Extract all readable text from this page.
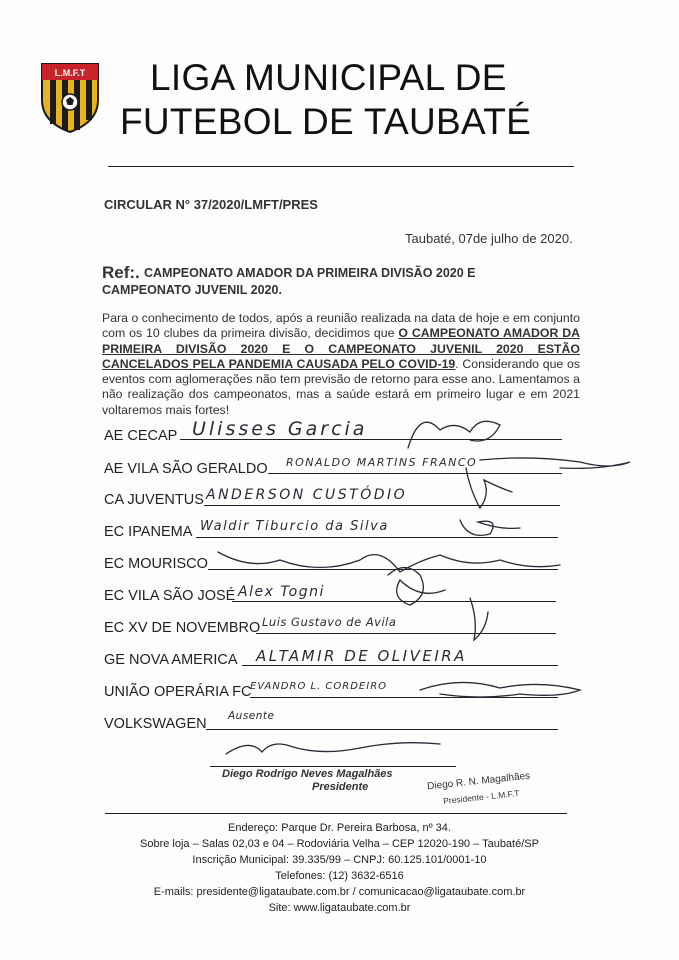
L.M.F.T LIGA MUNICIPAL DE
FUTEBOL DE TAUBATÉ
CIRCULAR N° 37/2020/LMFT/PRES
Taubaté, 07de julho de 2020.
Ref:. CAMPEONATO AMADOR DA PRIMEIRA DIVISÃO 2020 E
CAMPEONATO JUVENIL 2020.
Para o conhecimento de todos, após a reunião realizada na data de hoje e em conjunto com os 10 clubes da primeira divisão, decidimos que O CAMPEONATO AMADOR DA PRIMEIRA DIVISÃO 2020 E O CAMPEONATO JUVENIL 2020 ESTÃO CANCELADOS PELA PANDEMIA CAUSADA PELO COVID-19. Considerando que os eventos com aglomerações não tem previsão de retorno para esse ano. Lamentamos a não realização dos campeonatos, mas a saúde estará em primeiro lugar e em 2021 voltaremos mais fortes!
AE CECAP Ulisses Garcia
AE VILA SÃO GERALDO RONALDO MARTINS FRANCO
CA JUVENTUS ANDERSON CUSTÓDIO
EC IPANEMA Waldir Tiburcio da Silva
EC MOURISCO
EC VILA SÃO JOSÉ Alex Togni
EC XV DE NOVEMBRO Luis Gustavo de Avila
GE NOVA AMERICA ALTAMIR DE OLIVEIRA
UNIÃO OPERÁRIA FC
EVANDRO L. CORDEIRO
VOLKSWAGEN Ausente
Diego Rodrigo Neves Magalhães
Presidente	Diego R. N. Magalhães
Presidente - L.M.F.T
Endereço: Parque Dr. Pereira Barbosa, nº 34.
Sobre loja – Salas 02,03 e 04 – Rodoviária Velha – CEP 12020-190 – Taubaté/SP
Inscrição Municipal: 39.335/99 – CNPJ: 60.125.101/0001-10
Telefones: (12) 3632-6516
E-mails: presidente@ligataubate.com.br / comunicacao@ligataubate.com.br
Site: www.ligataubate.com.br
